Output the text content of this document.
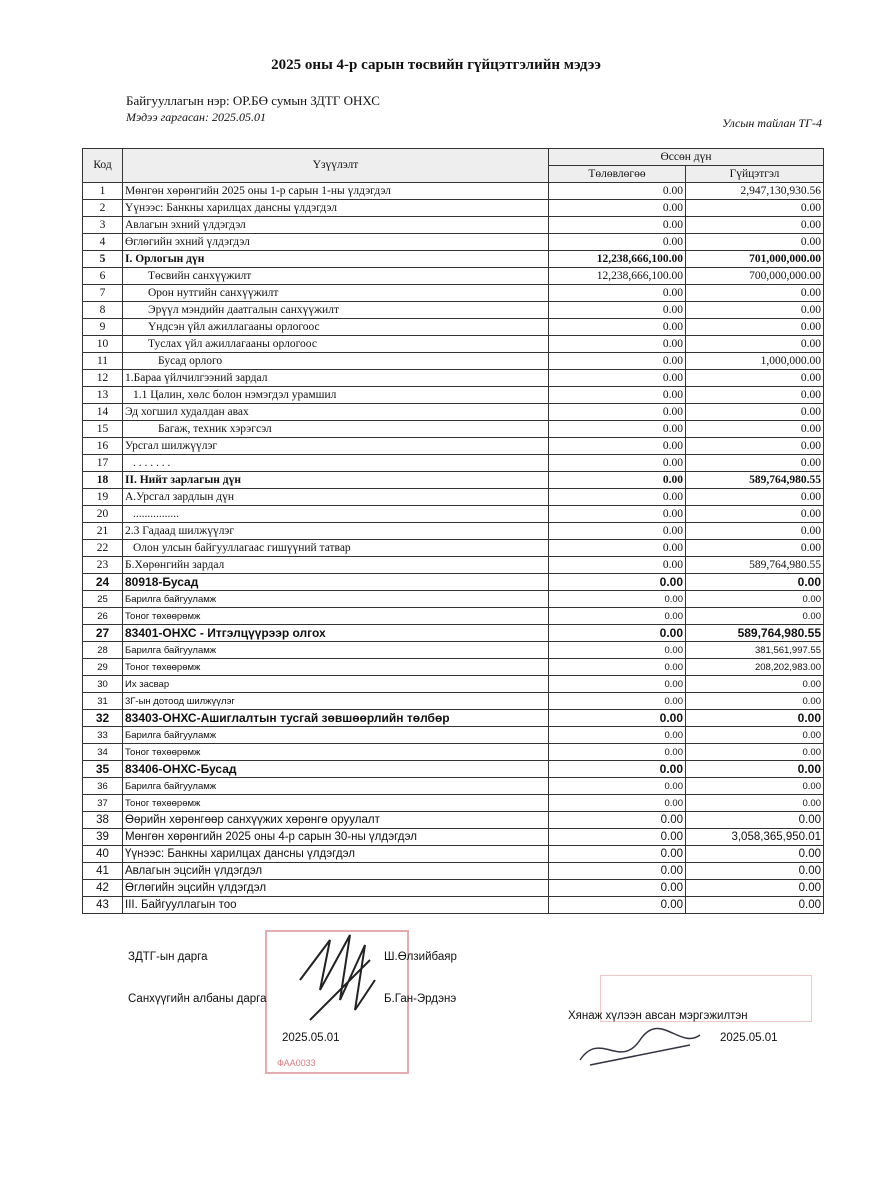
2025 оны 4-р сарын төсвийн гүйцэтгэлийн мэдээ
Байгууллагын нэр: ОР.БӨ сумын ЗДТГ ОНХС
Мэдээ гаргасан: 2025.05.01	Улсын тайлан ТГ-4
Код	Үзүүлэлт	Өссөн дүн	
		Төлөвлөгөө	Гүйцэтгэл
1	Мөнгөн хөрөнгийн 2025 оны 1-р сарын 1-ны үлдэгдэл	0.00	2,947,130,930.56
2	Үүнээс: Банкны харилцах дансны үлдэгдэл	0.00	0.00
3	Авлагын эхний үлдэгдэл	0.00	0.00
4	Өглөгийн эхний үлдэгдэл	0.00	0.00
5	I. Орлогын дүн	12,238,666,100.00	701,000,000.00
6	Төсвийн санхүүжилт	12,238,666,100.00	700,000,000.00
7	Орон нутгийн санхүүжилт	0.00	0.00
8	Эрүүл мэндийн даатгалын санхүүжилт	0.00	0.00
9	Үндсэн үйл ажиллагааны орлогоос	0.00	0.00
10	Туслах үйл ажиллагааны орлогоос	0.00	0.00
11	Бусад орлого	0.00	1,000,000.00
12	1.Бараа үйлчилгээний зардал	0.00	0.00
13	1.1 Цалин, хөлс болон нэмэгдэл урамшил	0.00	0.00
14	Эд хогшил худалдан авах	0.00	0.00
15	Багаж, техник хэрэгсэл	0.00	0.00
16	Урсгал шилжүүлэг	0.00	0.00
17	. . . . . . .	0.00	0.00
18	II. Нийт зарлагын дүн	0.00	589,764,980.55
19	А.Урсгал зардлын дүн	0.00	0.00
20	................	0.00	0.00
21	2.3 Гадаад шилжүүлэг	0.00	0.00
22	Олон улсын байгууллагаас гишүүний татвар	0.00	0.00
23	Б.Хөрөнгийн зардал	0.00	589,764,980.55
24	80918-Бусад	0.00	0.00
25	Барилга байгууламж	0.00	0.00
26	Тоног төхөөрөмж	0.00	0.00
27	83401-ОНХС - Итгэлцүүрээр олгох	0.00	589,764,980.55
28	Барилга байгууламж	0.00	381,561,997.55
29	Тоног төхөөрөмж	0.00	208,202,983.00
30	Их засвар	0.00	0.00
31	3Г-ын дотоод шилжүүлэг	0.00	0.00
32	83403-ОНХС-Ашиглалтын тусгай зөвшөөрлийн төлбөр	0.00	0.00
33	Барилга байгууламж	0.00	0.00
34	Тоног төхөөрөмж	0.00	0.00
35	83406-ОНХС-Бусад	0.00	0.00
36	Барилга байгууламж	0.00	0.00
37	Тоног төхөөрөмж	0.00	0.00
38	Өөрийн хөрөнгөөр санхүүжих хөрөнгө оруулалт	0.00	0.00
39	Мөнгөн хөрөнгийн 2025 оны 4-р сарын 30-ны үлдэгдэл	0.00	3,058,365,950.01
40	Үүнээс: Банкны харилцах дансны үлдэгдэл	0.00	0.00
41	Авлагын эцсийн үлдэгдэл	0.00	0.00
42	Өглөгийн эцсийн үлдэгдэл	0.00	0.00
43	III. Байгууллагын тоо	0.00	0.00
ФАА0033
ЗДТГ-ын дарга	Ш.Өлзийбаяр
Санхүүгийн албаны дарга	Б.Ган-Эрдэнэ
2025.05.01
Хянаж хүлээн авсан мэргэжилтэн
2025.05.01
